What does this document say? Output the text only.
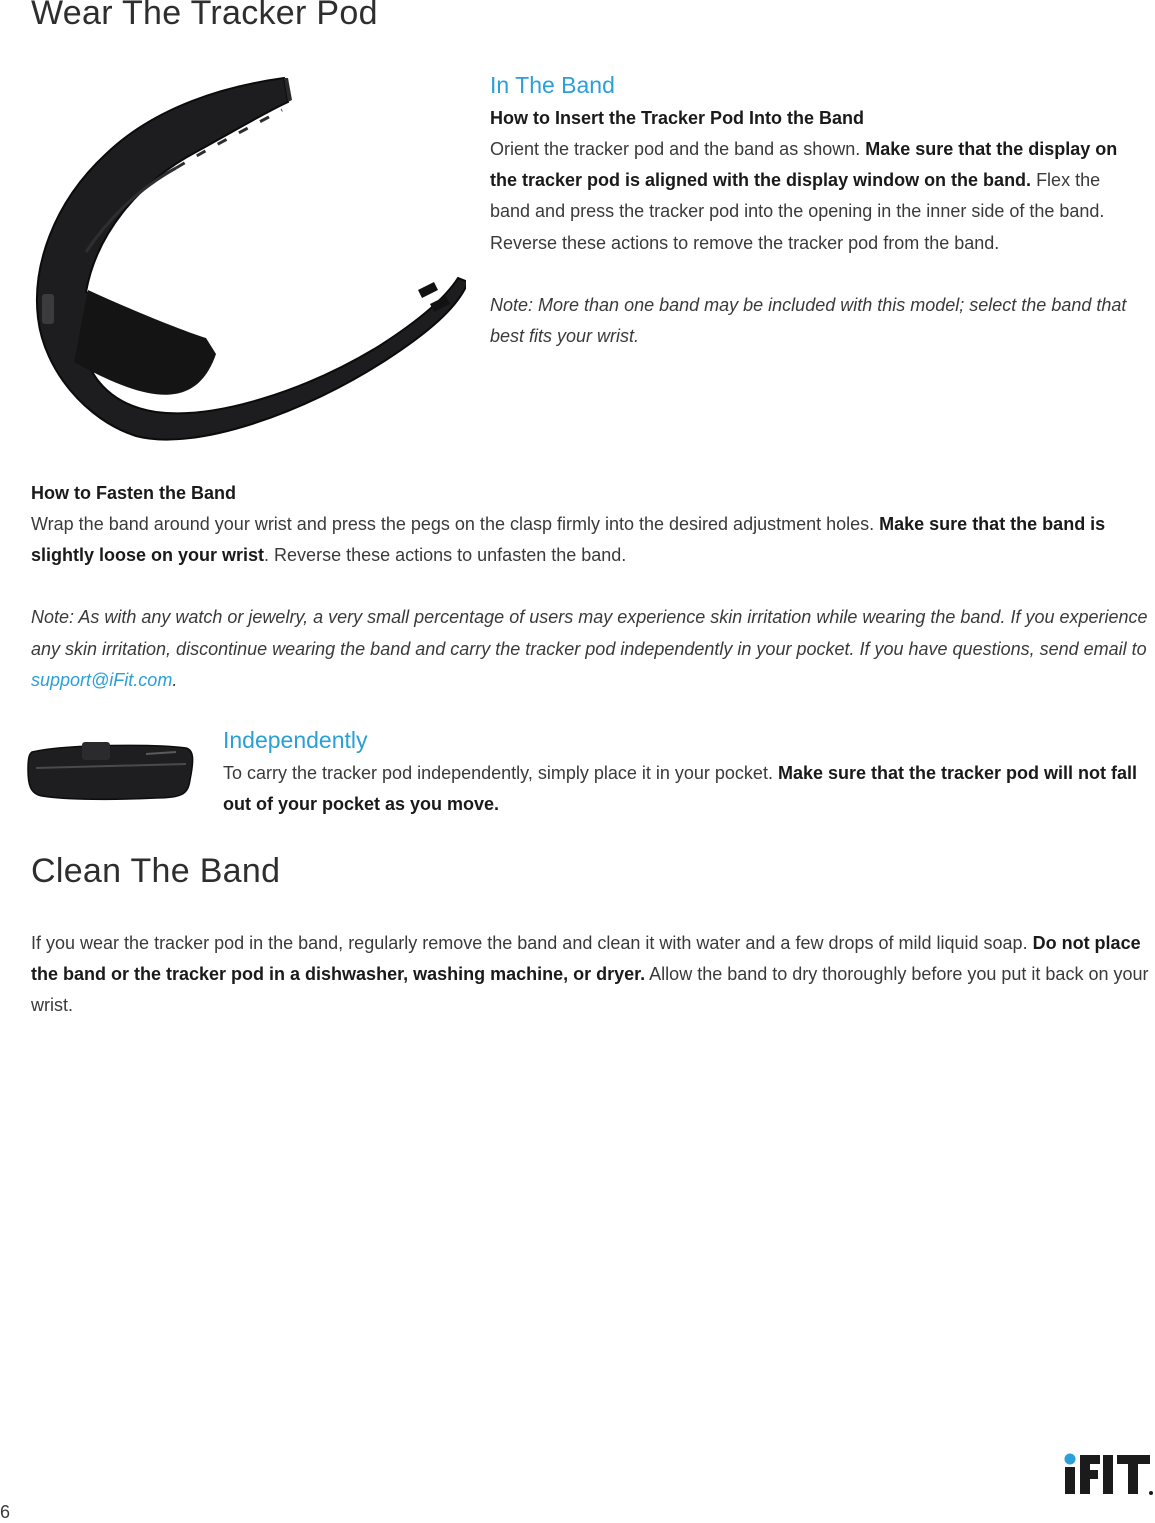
Wear The Tracker Pod
In The Band

How to Insert the Tracker Pod Into the Band

Orient the tracker pod and the band as shown. Make sure that the display on the tracker pod is aligned with the display window on the band. Flex the band and press the tracker pod into the opening in the inner side of the band. Reverse these actions to remove the tracker pod from the band.

Note: More than one band may be included with this model; select the band that best fits your wrist.

How to Fasten the Band

Wrap the band around your wrist and press the pegs on the clasp firmly into the desired adjustment holes. Make sure that the band is slightly loose on your wrist. Reverse these actions to unfasten the band.

Note: As with any watch or jewelry, a very small percentage of users may experience skin irritation while wearing the band. If you experience any skin irritation, discontinue wearing the band and carry the tracker pod independently in your pocket. If you have questions, send email to support@iFit.com.

Independently

To carry the tracker pod independently, simply place it in your pocket. Make sure that the tracker pod will not fall out of your pocket as you move.

Clean The Band

If you wear the tracker pod in the band, regularly remove the band and clean it with water and a few drops of mild liquid soap. Do not place the band or the tracker pod in a dishwasher, washing machine, or dryer. Allow the band to dry thoroughly before you put it back on your wrist.

6
